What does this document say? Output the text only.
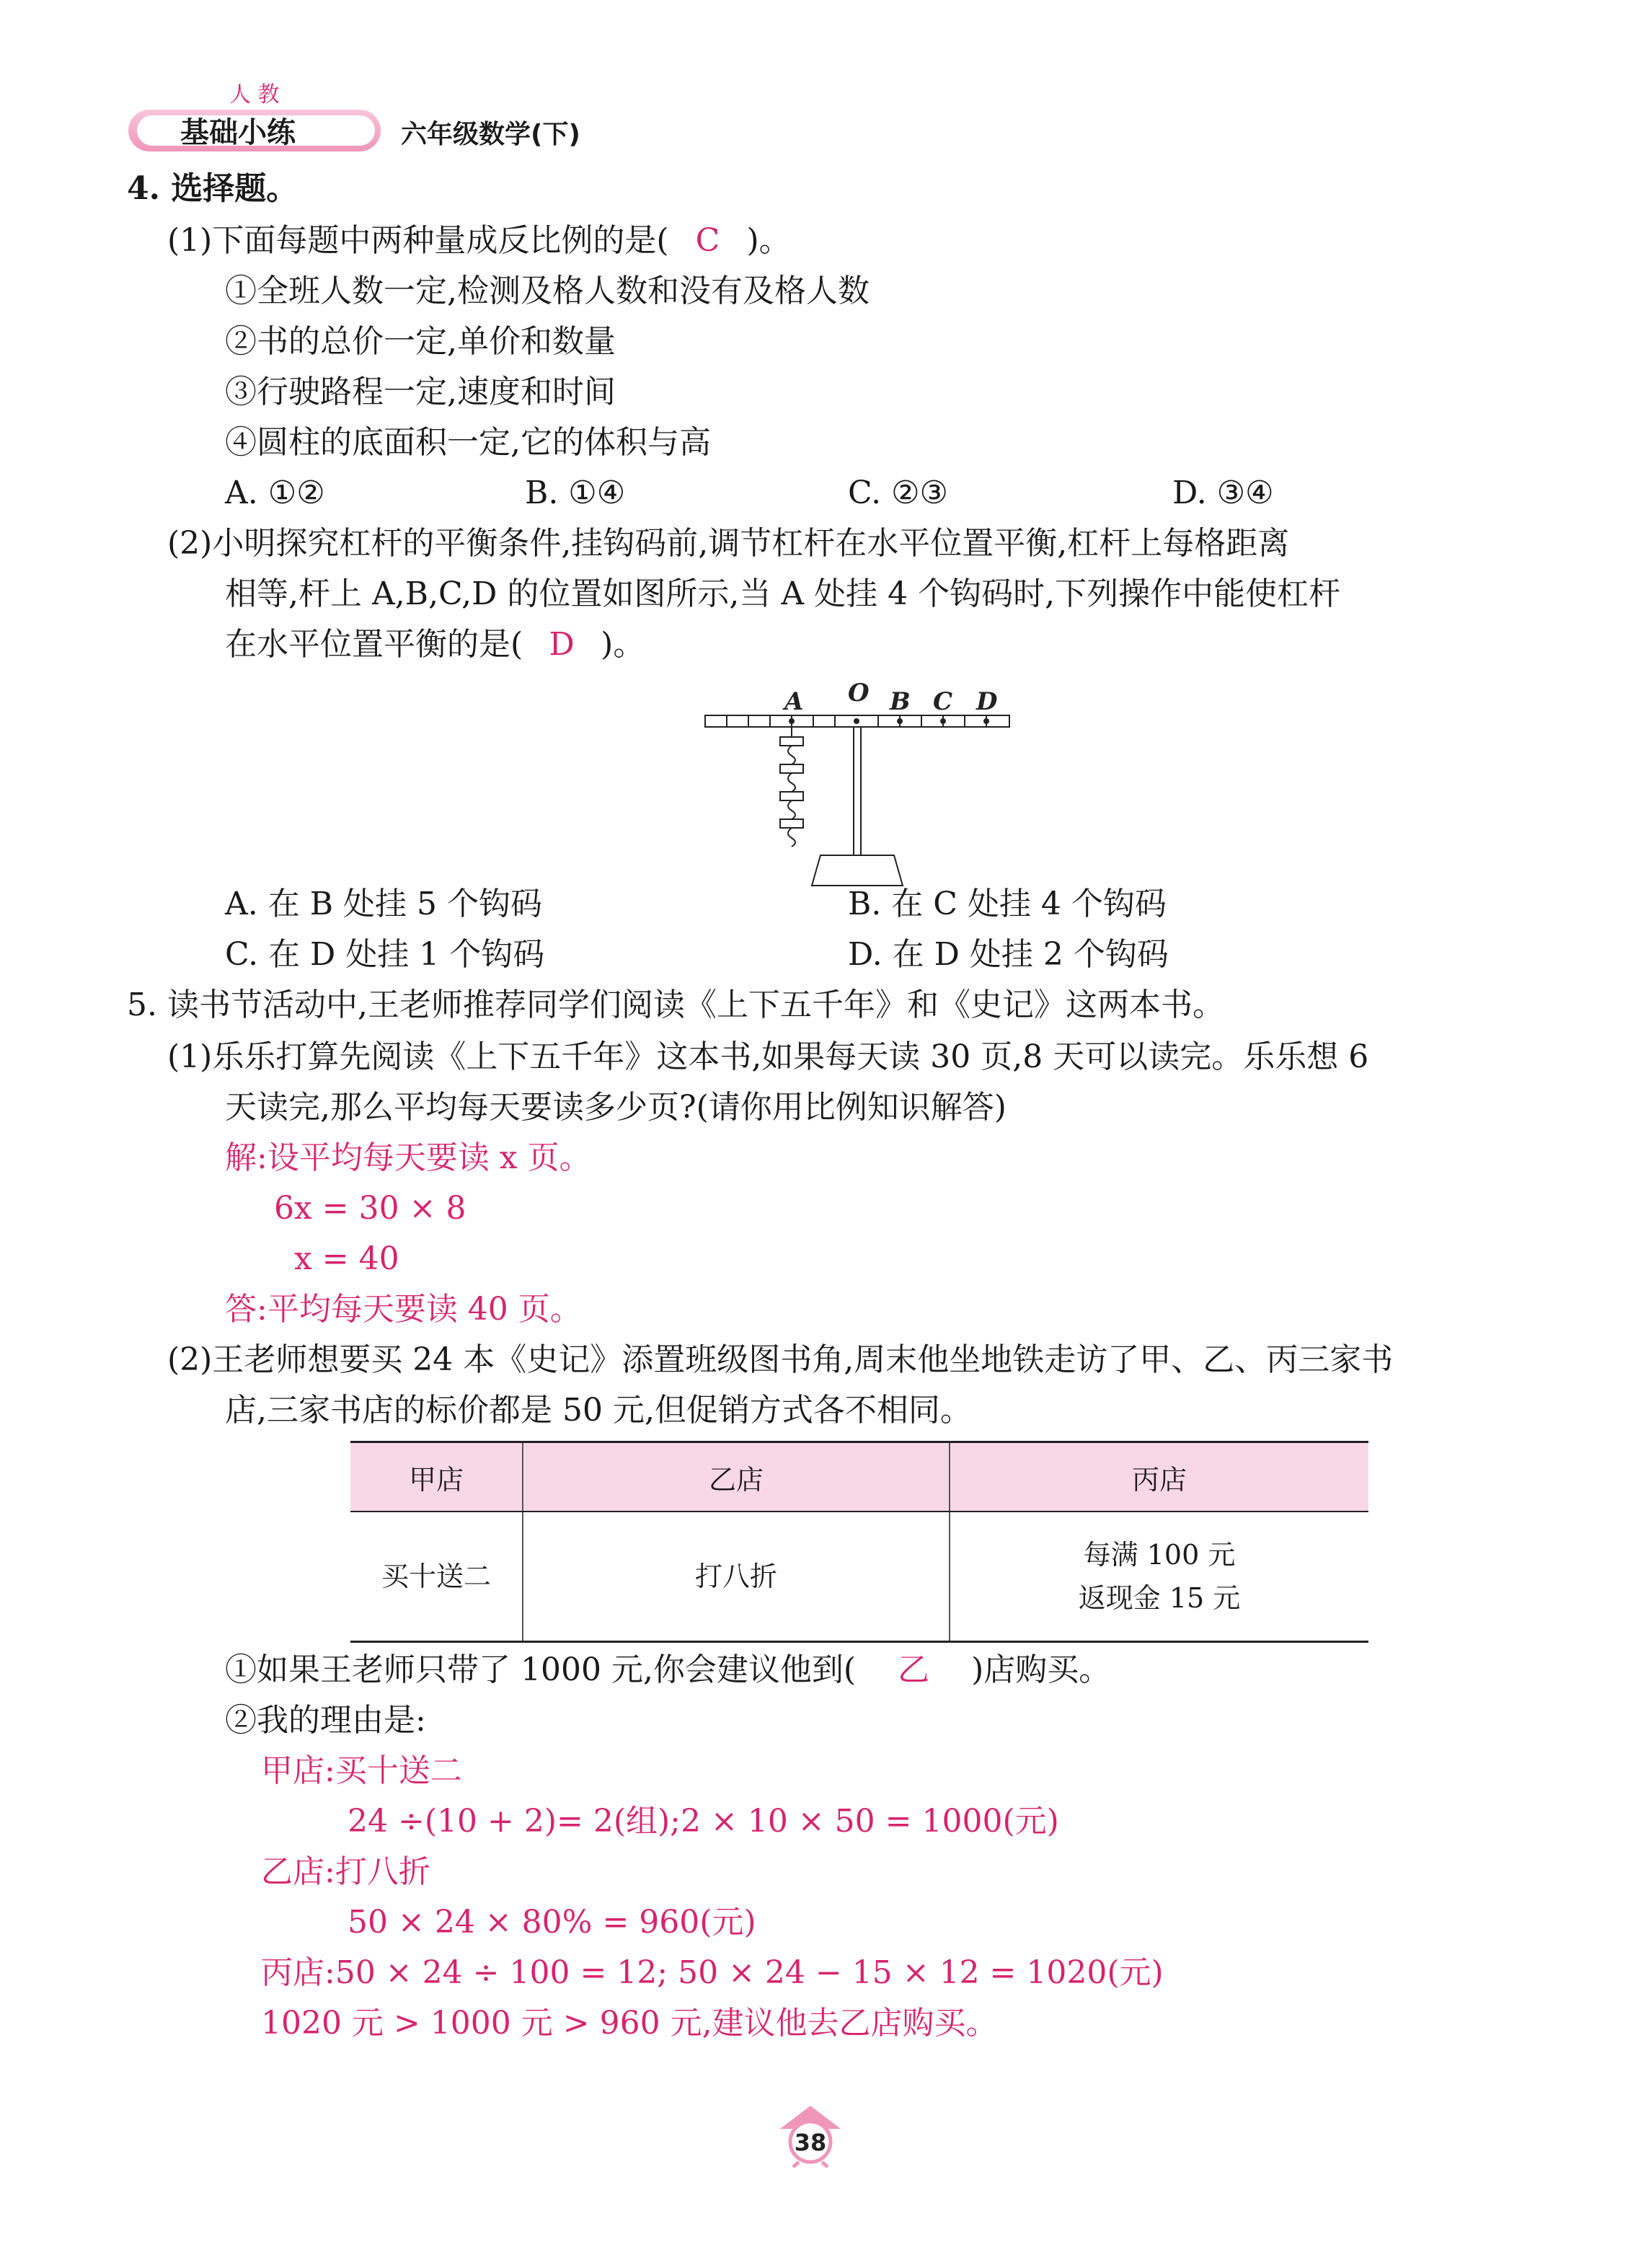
人 教
基础小练	六年级数学(下)
4. 选择题。
(1)下面每题中两种量成反比例的是( C )。
①全班人数一定,检测及格人数和没有及格人数
②书的总价一定,单价和数量
③行驶路程一定,速度和时间
④圆柱的底面积一定,它的体积与高
A. ①②	B. ①④	C. ②③	D. ③④
(2)小明探究杠杆的平衡条件,挂钩码前,调节杠杆在水平位置平衡,杠杆上每格距离
相等,杆上 A,B,C,D 的位置如图所示,当 A 处挂 4 个钩码时,下列操作中能使杠杆
在水平位置平衡的是( D )。
A O B C D
A. 在 B 处挂 5 个钩码	B. 在 C 处挂 4 个钩码
C. 在 D 处挂 1 个钩码	D. 在 D 处挂 2 个钩码
5. 读书节活动中,王老师推荐同学们阅读《上下五千年》和《史记》这两本书。
(1)乐乐打算先阅读《上下五千年》这本书,如果每天读 30 页,8 天可以读完。乐乐想 6
天读完,那么平均每天要读多少页?(请你用比例知识解答)
解:设平均每天要读 x 页。
6x = 30 × 8
x = 40
答:平均每天要读 40 页。
(2)王老师想要买 24 本《史记》添置班级图书角,周末他坐地铁走访了甲、乙、丙三家书
店,三家书店的标价都是 50 元,但促销方式各不相同。
甲店	乙店	丙店
买十送二	打八折	每满 100 元
返现金 15 元
①如果王老师只带了 1000 元,你会建议他到( 乙 )店购买。
②我的理由是:
甲店:买十送二
24 ÷(10 + 2)= 2(组);2 × 10 × 50 = 1000(元)
乙店:打八折
50 × 24 × 80% = 960(元)
丙店:50 × 24 ÷ 100 = 12; 50 × 24 − 15 × 12 = 1020(元)
1020 元 > 1000 元 > 960 元,建议他去乙店购买。
38
